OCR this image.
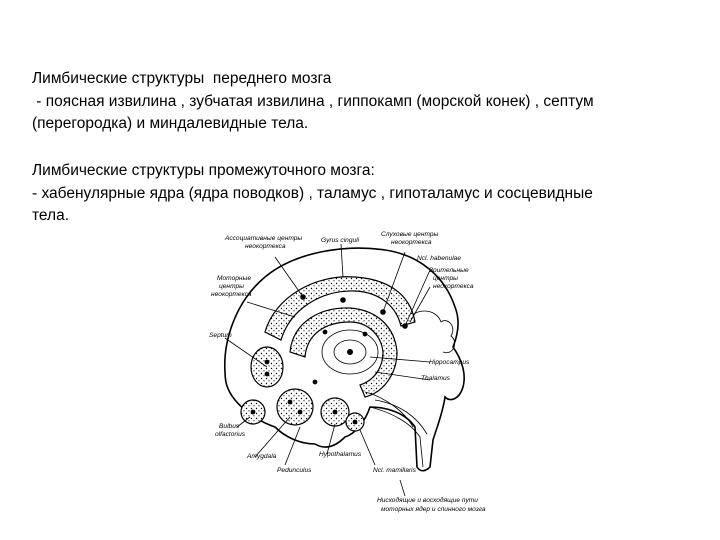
Лимбические структуры  переднего мозга
- поясная извилина , зубчатая извилина , гиппокамп (морской конек) , септум
(перегородка) и миндалевидные тела.
Лимбические структуры промежуточного мозга:
- хабенулярные ядра (ядра поводков) , таламус , гипоталамус и сосцевидные
тела.
Ассоциативные центры
неокортекса
Gyrus cinguli
Слуховые центры
неокортекса
Ncl. habenulae
Зрительные
центры
неокортекса
Моторные
центры
неокортекса
Septum
Hippocampus
Thalamus
Bulbus
olfactorius
Amygdala	Hypothalamus
Pedunculus	Ncl. mamillaris
Нисходящие и восходящие пути
моторных ядер и спинного мозга
